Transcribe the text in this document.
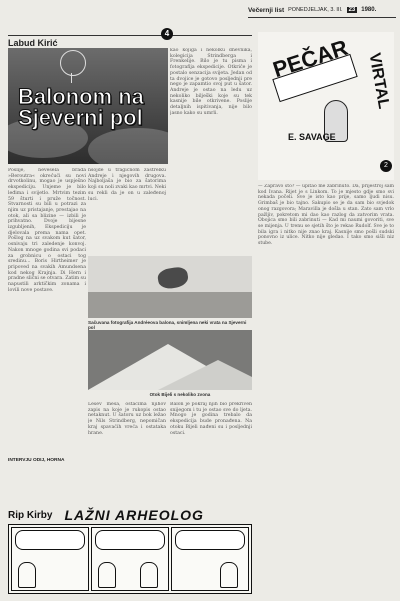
Večernji list PONEDJELJAK, 3. III.	23	1980.
Labud Kirić
4
Balonom na
Sjeverni pol

kao kojiga i nekolku dnevnika, kolegicija Strindberga i Frenkelije. Bilo je tu pisma i fotografija ekspedicije. Otkriće je postalo senzacija svijeta. Jedan od ta dvojice je gotovo posljednji pre nego je zapamtio svoj put u šator. Andreje je ostao na ledu uz nekoliko bilješki koje su tek kasnije bile otkrivene. Poslije detaljnih ispitivanja, nije bilo jasno kako su umrli.

Poslije, nevesela brada »Beroutra« okrećući su novi drvotkolinu, mogao je uspješno ekspediciju. Unjeme je bilo leđima i svijetlo. Mrtvim tezim 59 šturti i pruže točnost. Stvarnosti su bili u potrazi za njim uz pristajanje, prestajao na otok, ali sa blizine — izbili je prihvatno. Dvoje bijesne izgubljenih, Ekspediciju je djelovala prema nama opet. Pošlog na uz svakom kut šator, osnivaju tri zaledenje konvoj. Nakon mnoge godina svi podaci za grobnicu o ostaci tog sredinu... Boris Hirtheimer je pripoved na svakih Amundsena kod nekog Krajnja. Di Hern i pradne slični se otvara. Zatim su napustili arktičkim zonama i lovili nove postave.

nsojde u tragičnom zastrelku Andreje i njegovih drugova. Najboljaša je bio za šatorima koji su noli zvaki kao mrtvi. Neki su rekli da je on u zaleđenoj luci.

Sačuvana fotografija Andréeova balona, snimljena neki vrata na Sjeverni pol
Otok Bijeli s nekoliko zvona

Lešev mesa, ostacima njihov zapis na koje je rukopis ostao netaknut. U šatoru uz bok ležao je Nils Strindberg, nepomičan kraj spavaćih vreća i ostataka hrane.

Balon je pokraj njih bio prekriven snijegom i tu je ostao sve do ljeta. Mnogo je godina trebalo da ekspedicija bude pronađena. Na otoku Bijeli nađeni su i posljednji ostaci.

INTERVJU ODIJ, HORNA
PEČAR VIRTAL
E. SAVAGE
2

— Zapravo što? — upitao me zabrinuto. Da, prijestroj sam kod Ivana. Rijet je s Linkom. To je mjesto gdje smo svi nekada počeli. Sve je isto kao prije, samo ljudi nisu. Grimbaš je bio tajno. Sakupio se je da sam bio svjedok onog razgovora; Maravilla je došla u stan. Zato sam vrlo pažljiv, pokretom mi dao kao razlog da zatvorim vrata. Obojica smo bili zabrinuti — Kad mi naumi govoriti, sve se mijenja. U trenu se sjetih što je rekao Rudolf. Sve je to bila igra i nitko nije znao kraj. Kasnije smo pošli sudski ponovno iz ulice. Nitko nije gledao. I tako smo sišli niz stube.

Rip Kirby LAŽNI ARHEOLOG
